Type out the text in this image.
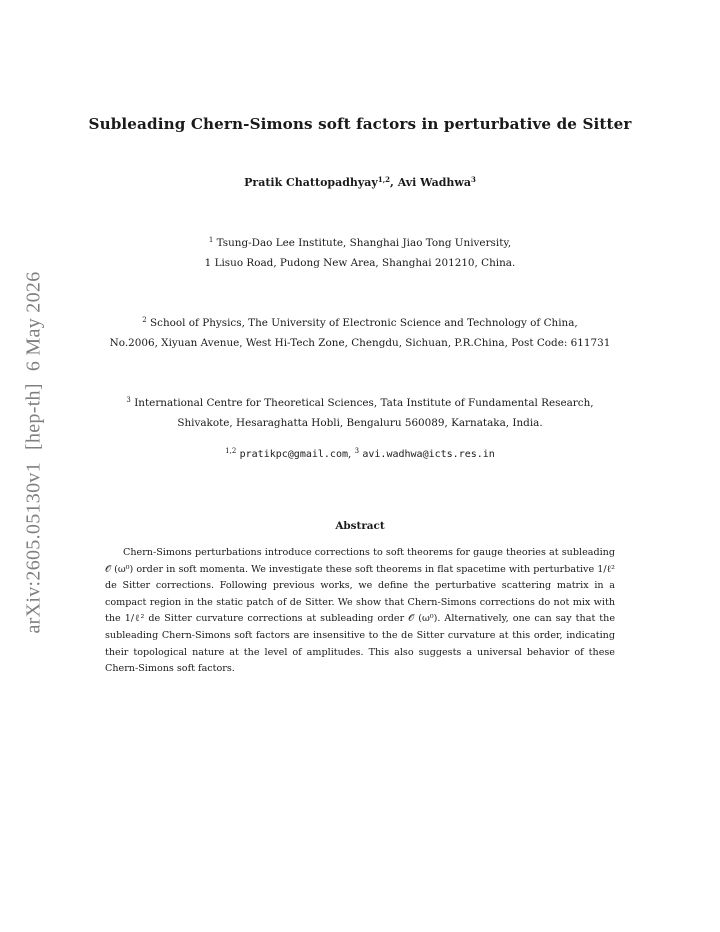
arXiv:2605.05130v1[hep-th]6 May 2026
Subleading Chern-Simons soft factors in perturbative de Sitter
Pratik Chattopadhyay$^{1,2}$, Avi Wadhwa$^3$
$^1$ Tsung-Dao Lee Institute, Shanghai Jiao Tong University,
1 Lisuo Road, Pudong New Area, Shanghai 201210, China.
$^2$ School of Physics, The University of Electronic Science and Technology of China,
No.2006, Xiyuan Avenue, West Hi-Tech Zone, Chengdu, Sichuan, P.R.China, Post Code: 611731
$^3$ International Centre for Theoretical Sciences, Tata Institute of Fundamental Research,
Shivakote, Hesaraghatta Hobli, Bengaluru 560089, Karnataka, India.
$^{1,2}$ pratikpc@gmail.com, $^3$ avi.wadhwa@icts.res.in
Abstract
Chern-Simons perturbations introduce corrections to soft theorems for gauge theories at subleading 𝒪 (ω⁰) order in soft momenta. We investigate these soft theorems in flat spacetime with perturbative 1/ℓ² de Sitter corrections. Following previous works, we define the perturbative scattering matrix in a compact region in the static patch of de Sitter. We show that Chern-Simons corrections do not mix with the 1/ℓ² de Sitter curvature corrections at subleading order 𝒪 (ω⁰). Alternatively, one can say that the subleading Chern-Simons soft factors are insensitive to the de Sitter curvature at this order, indicating their topological nature at the level of amplitudes. This also suggests a universal behavior of these Chern-Simons soft factors.
